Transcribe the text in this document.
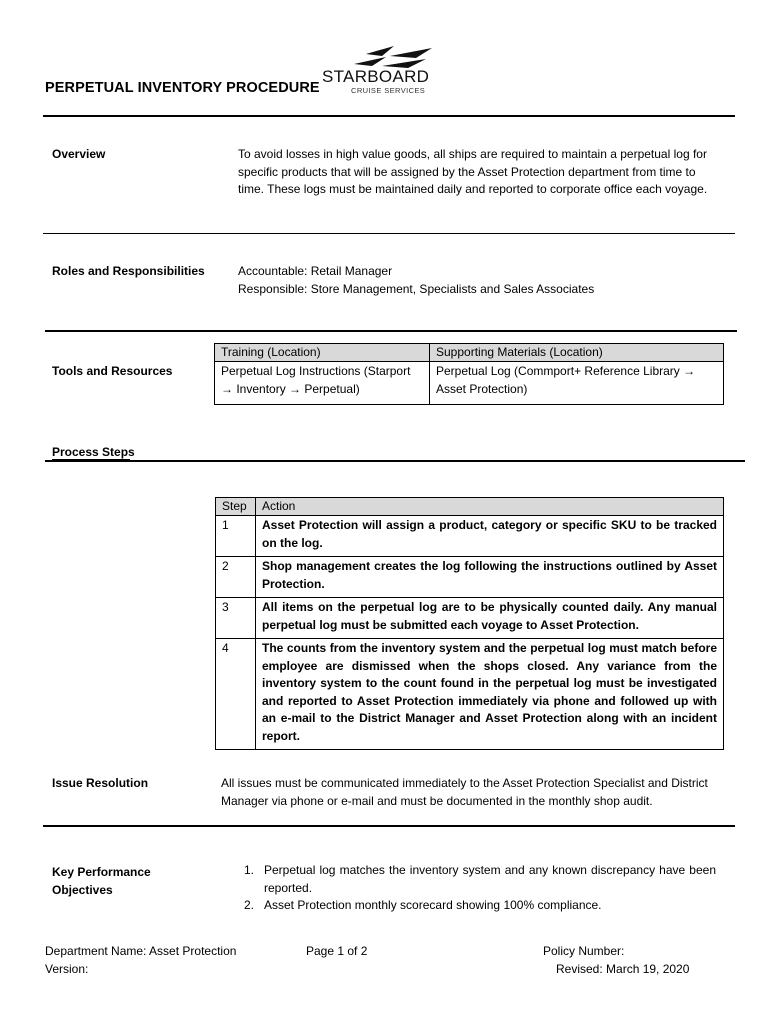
PERPETUAL INVENTORY PROCEDURE
STARBOARD
CRUISE SERVICES
Overview	To avoid losses in high value goods, all ships are required to maintain a perpetual log for specific products that will be assigned by the Asset Protection department from time to time. These logs must be maintained daily and reported to corporate office each voyage.
Roles and Responsibilities	Accountable: Retail Manager
Responsible: Store Management, Specialists and Sales Associates
Tools and Resources
Training (Location)	Supporting Materials (Location)
Perpetual Log Instructions (Starport → Inventory → Perpetual)	Perpetual Log (Commport+ Reference Library → Asset Protection)
Process Steps
Step	Action
1	Asset Protection will assign a product, category or specific SKU to be tracked on the log.
2	Shop management creates the log following the instructions outlined by Asset Protection.
3	All items on the perpetual log are to be physically counted daily. Any manual perpetual log must be submitted each voyage to Asset Protection.
4	The counts from the inventory system and the perpetual log must match before employee are dismissed when the shops closed. Any variance from the inventory system to the count found in the perpetual log must be investigated and reported to Asset Protection immediately via phone and followed up with an e-mail to the District Manager and Asset Protection along with an incident report.
Issue Resolution	All issues must be communicated immediately to the Asset Protection Specialist and District Manager via phone or e-mail and must be documented in the monthly shop audit.
Key Performance
Objectives
1. Perpetual log matches the inventory system and any known discrepancy have been reported.
2. Asset Protection monthly scorecard showing 100% compliance.
Department Name: Asset Protection
Version:
Page 1 of 2	Policy Number:
Revised: March 19, 2020
